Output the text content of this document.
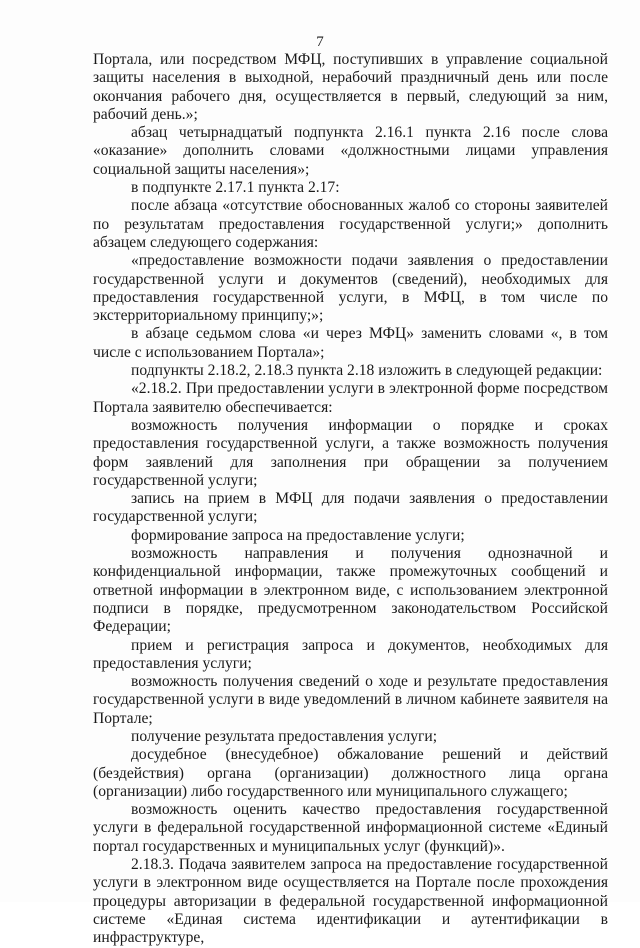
7

Портала, или посредством МФЦ, поступивших в управление социальной защиты населения в выходной, нерабочий праздничный день или после окончания рабочего дня, осуществляется в первый, следующий за ним, рабочий день.»;

абзац четырнадцатый подпункта 2.16.1 пункта 2.16 после слова «оказание» дополнить словами «должностными лицами управления социальной защиты населения»;

в подпункте 2.17.1 пункта 2.17:

после абзаца «отсутствие обоснованных жалоб со стороны заявителей по результатам предоставления государственной услуги;» дополнить абзацем следующего содержания:

«предоставление возможности подачи заявления о предоставлении государственной услуги и документов (сведений), необходимых для предоставления государственной услуги, в МФЦ, в том числе по экстерриториальному принципу;»;

в абзаце седьмом слова «и через МФЦ» заменить словами «, в том числе с использованием Портала»;

подпункты 2.18.2, 2.18.3 пункта 2.18 изложить в следующей редакции:

«2.18.2. При предоставлении услуги в электронной форме посредством Портала заявителю обеспечивается:

возможность получения информации о порядке и сроках предоставления государственной услуги, а также возможность получения форм заявлений для заполнения при обращении за получением государственной услуги;

запись на прием в МФЦ для подачи заявления о предоставлении государственной услуги;

формирование запроса на предоставление услуги;

возможность направления и получения однозначной и конфиденциальной информации, также промежуточных сообщений и ответной информации в электронном виде, с использованием электронной подписи в порядке, предусмотренном законодательством Российской Федерации;

прием и регистрация запроса и документов, необходимых для предоставления услуги;

возможность получения сведений о ходе и результате предоставления государственной услуги в виде уведомлений в личном кабинете заявителя на Портале;

получение результата предоставления услуги;

досудебное (внесудебное) обжалование решений и действий (бездействия) органа (организации) должностного лица органа (организации) либо государственного или муниципального служащего;

возможность оценить качество предоставления государственной услуги в федеральной государственной информационной системе «Единый портал государственных и муниципальных услуг (функций)».

2.18.3. Подача заявителем запроса на предоставление государственной услуги в электронном виде осуществляется на Портале после прохождения процедуры авторизации в федеральной государственной информационной системе «Единая система идентификации и аутентификации в инфраструктуре,
